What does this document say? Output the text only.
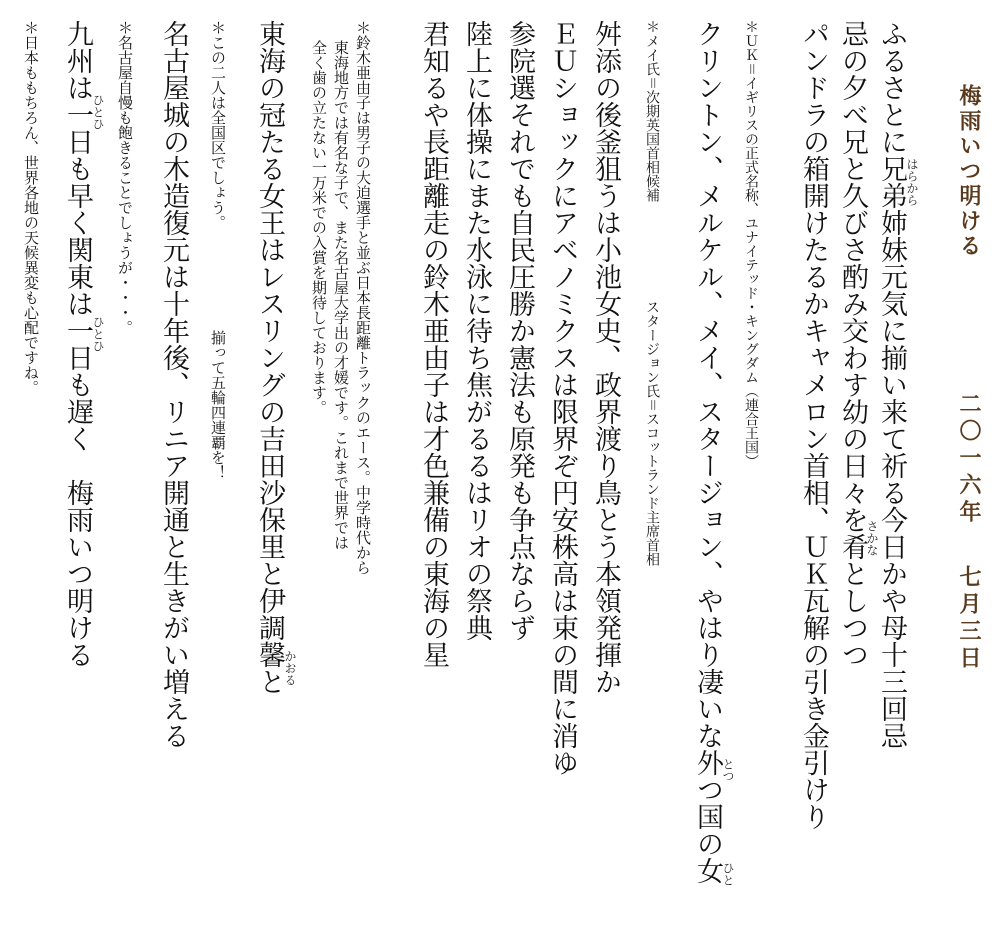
梅雨いつ明ける
二〇一六年
七月三日
ふるさとに兄弟姉妹元気に揃い来て祈る今日かや母十三回忌
はらから
忌の夕べ兄と久びさ酌み交わす幼の日々を肴としつつ
さかな
パンドラの箱開けたるかキャメロン首相、ＵＫ瓦解の引き金引けり
＊ＵＫ＝イギリスの正式名称、ユナイテッド・キングダム（連合王国）
クリントン、メルケル、メイ、スタージョン、やはり凄いな外つ国の女
とつ
ひと
＊メイ氏＝次期英国首相候補
スタージョン氏＝スコットランド主席首相
舛添の後釜狙うは小池女史、政界渡り鳥とう本領発揮か
ＥＵショックにアベノミクスは限界ぞ円安株高は束の間に消ゆ
参院選それでも自民圧勝か憲法も原発も争点ならず
陸上に体操にまた水泳に待ち焦がるるはリオの祭典
君知るや長距離走の鈴木亜由子は才色兼備の東海の星
＊鈴木亜由子は男子の大迫選手と並ぶ日本長距離トラックのエース。中学時代から
東海地方では有名な子で、また名古屋大学出の才媛です。これまで世界では
全く歯の立たない一万米での入賞を期待しております。
東海の冠たる女王はレスリングの吉田沙保里と伊調馨と
かおる
＊この二人は全国区でしょう。
揃って五輪四連覇を！
名古屋城の木造復元は十年後、リニア開通と生きがい増える
＊名古屋自慢も飽きることでしょうが・・・。
九州は一日も早く関東は一日も遅く　梅雨いつ明ける
ひとひ
ひとひ
＊日本ももちろん、世界各地の天候異変も心配ですね。
